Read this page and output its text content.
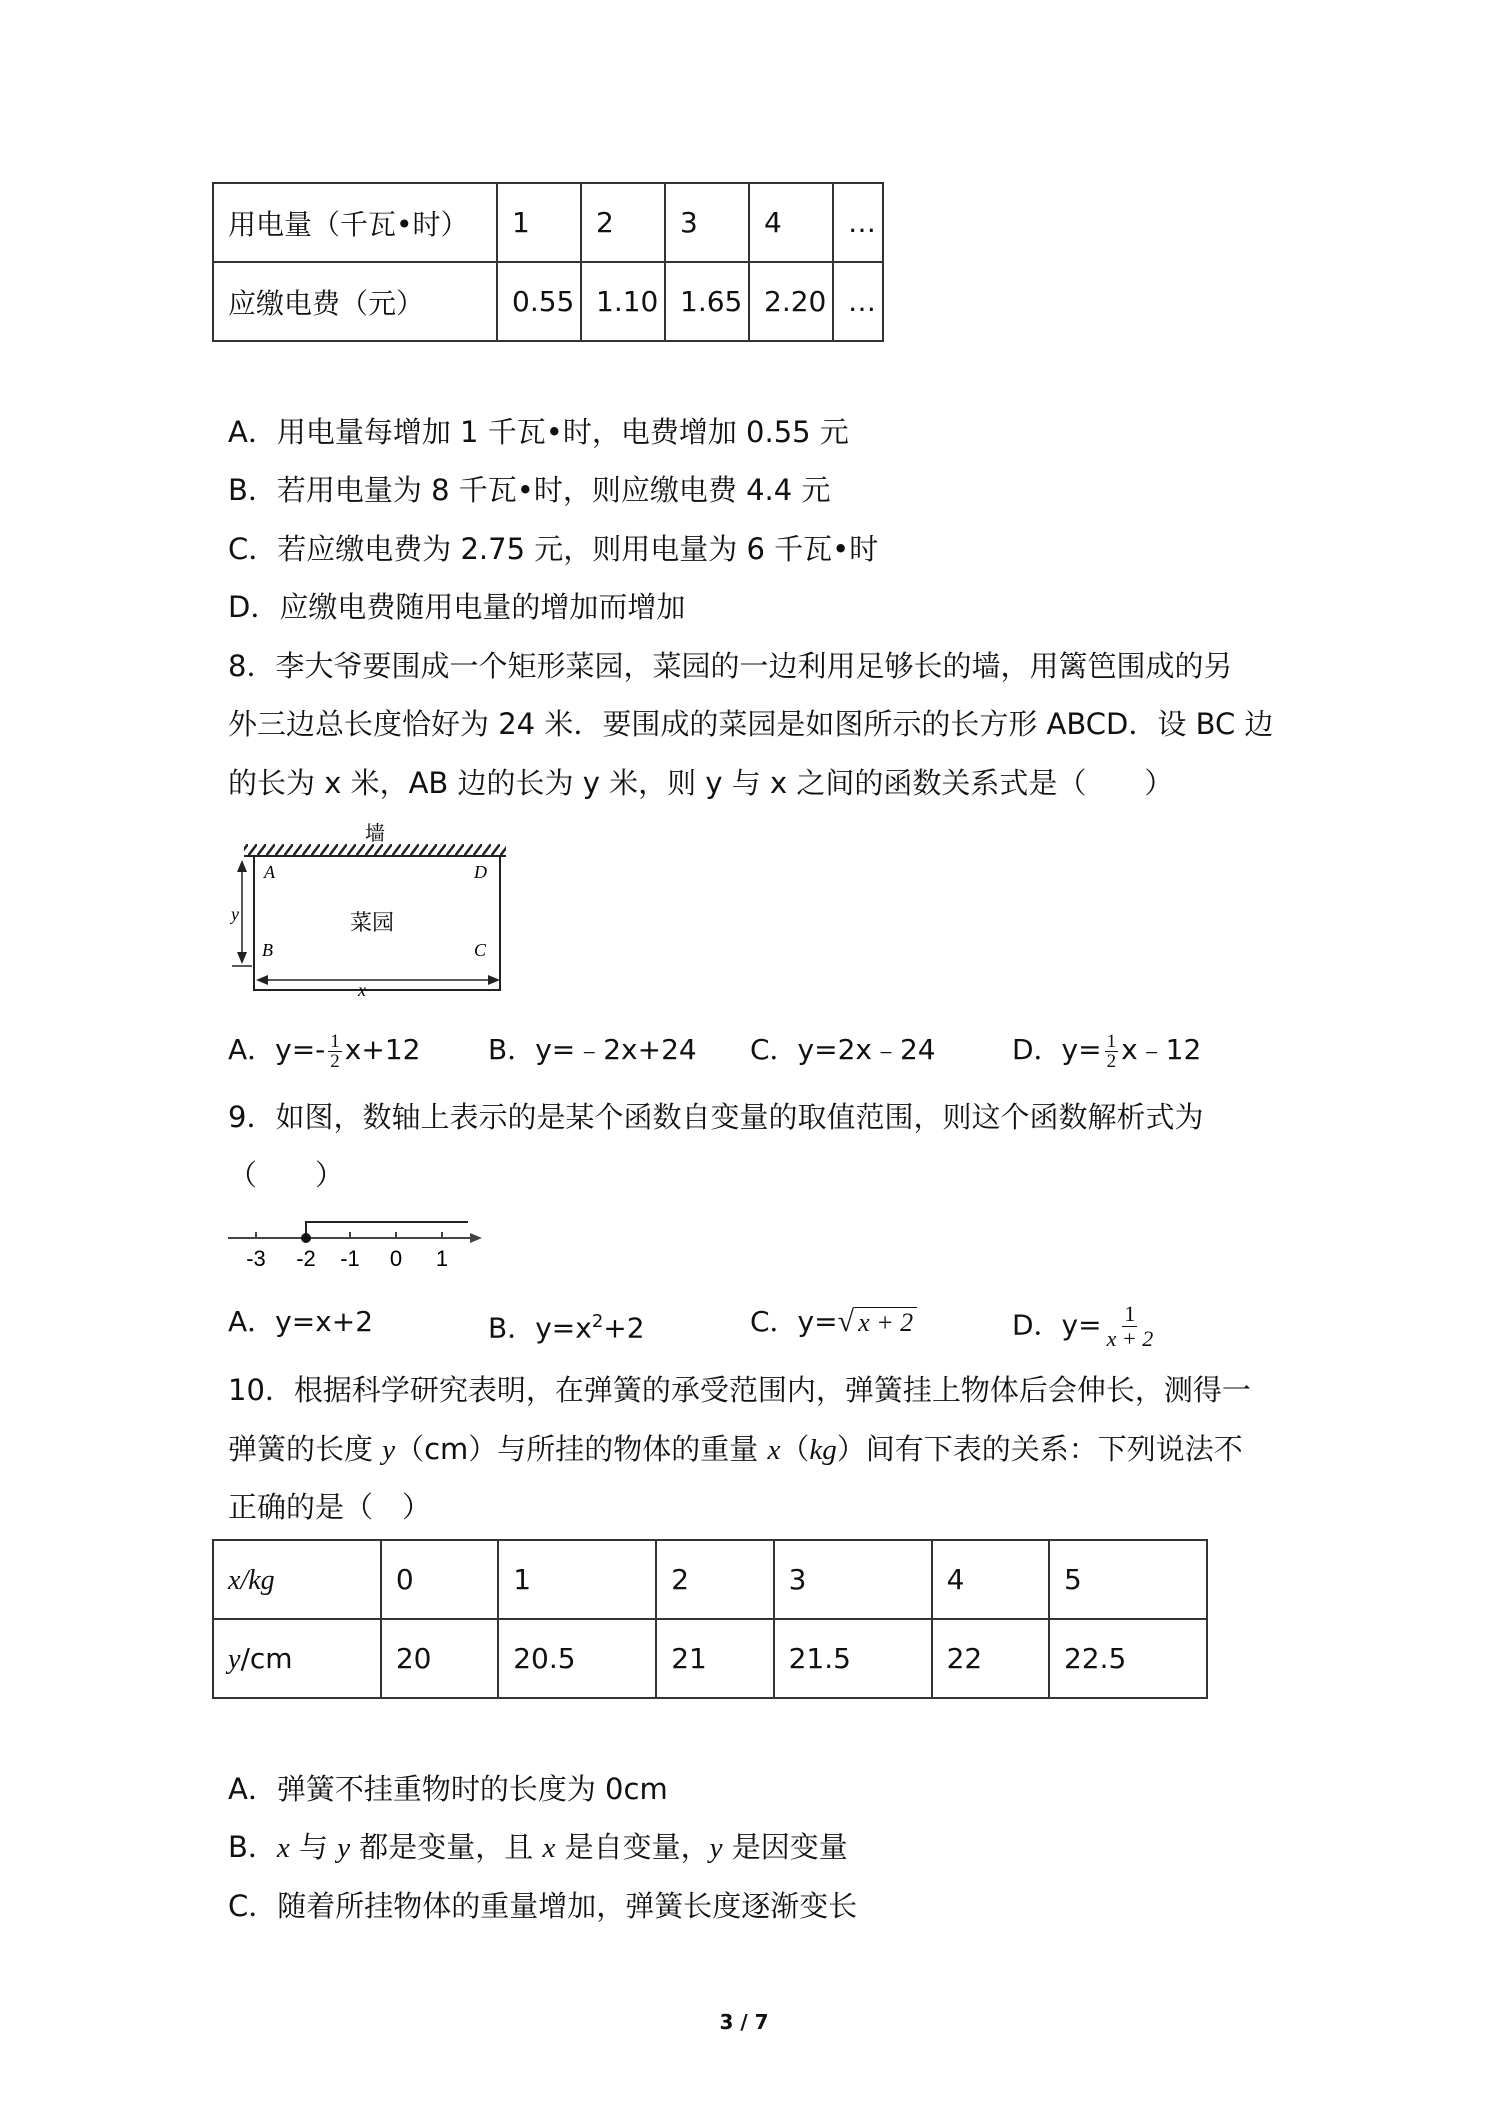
用电量（千瓦•时）	1	2	3	4	…
应缴电费（元）	0.55	1.10	1.65	2.20	…
A．用电量每增加 1 千瓦•时，电费增加 0.55 元
B．若用电量为 8 千瓦•时，则应缴电费 4.4 元
C．若应缴电费为 2.75 元，则用电量为 6 千瓦•时
D．应缴电费随用电量的增加而增加
8．李大爷要围成一个矩形菜园，菜园的一边利用足够长的墙，用篱笆围成的另
外三边总长度恰好为 24 米．要围成的菜园是如图所示的长方形 ABCD．设 BC 边
的长为 x 米，AB 边的长为 y 米，则 y 与 x 之间的函数关系式是（　　）
墙
菜园
A	D
B	C
y
x
A．$y=- \frac{1}{2} x+12$ B．y=﹣2x+24 C．y=2x﹣24	D．$y= \frac{1}{2}$ x﹣12
9．如图，数轴上表示的是某个函数自变量的取值范围，则这个函数解析式为
（　　）
-3 -2 -1 0 1
A．y=x+2	B．$y=x^2+2$	C．y=√ x + 2	D．$y= \frac{1}{x + 2}$
10．根据科学研究表明，在弹簧的承受范围内，弹簧挂上物体后会伸长，测得一
弹簧的长度 y（cm）与所挂的物体的重量 x（kg）间有下表的关系：下列说法不
正确的是（　）
x/kg	0	1	2	3	4	5
y/cm	20	20.5	21	21.5	22	22.5
A．弹簧不挂重物时的长度为 0cm
B．x 与 y 都是变量，且 x 是自变量，y 是因变量
C．随着所挂物体的重量增加，弹簧长度逐渐变长
3 / 7
